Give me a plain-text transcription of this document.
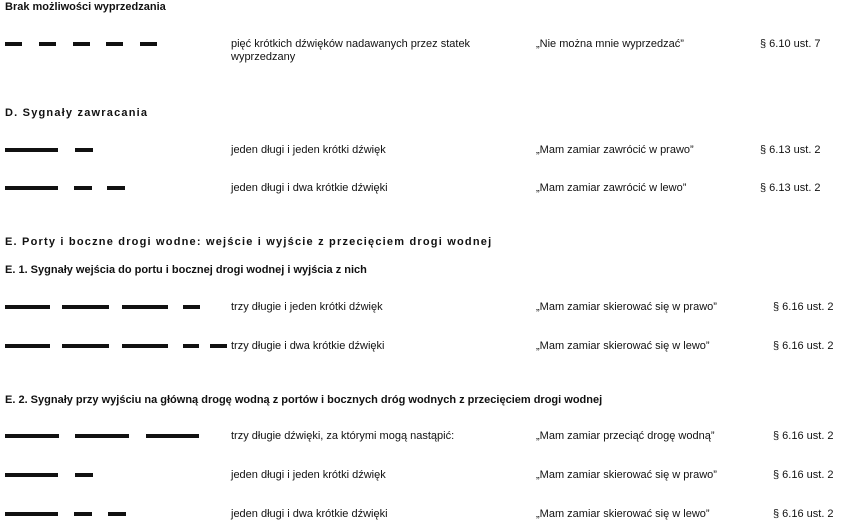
Brak możliwości wyprzedzania
pięć krótkich dźwięków nadawanych przez statek wyprzedzany
„Nie można mnie wyprzedzać”	§ 6.10 ust. 7
D. Sygnały zawracania
jeden długi i jeden krótki dźwięk	„Mam zamiar zawrócić w prawo”	§ 6.13 ust. 2
jeden długi i dwa krótkie dźwięki	„Mam zamiar zawrócić w lewo”	§ 6.13 ust. 2
E. Porty i boczne drogi wodne: wejście i wyjście z przecięciem drogi wodnej
E. 1. Sygnały wejścia do portu i bocznej drogi wodnej i wyjścia z nich
trzy długie i jeden krótki dźwięk	„Mam zamiar skierować się w prawo”	§ 6.16 ust. 2
trzy długie i dwa krótkie dźwięki	„Mam zamiar skierować się w lewo”	§ 6.16 ust. 2
E. 2. Sygnały przy wyjściu na główną drogę wodną z portów i bocznych dróg wodnych z przecięciem drogi wodnej
trzy długie dźwięki, za którymi mogą nastąpić:	„Mam zamiar przeciąć drogę wodną”	§ 6.16 ust. 2
jeden długi i jeden krótki dźwięk	„Mam zamiar skierować się w prawo”	§ 6.16 ust. 2
jeden długi i dwa krótkie dźwięki	„Mam zamiar skierować się w lewo”	§ 6.16 ust. 2
